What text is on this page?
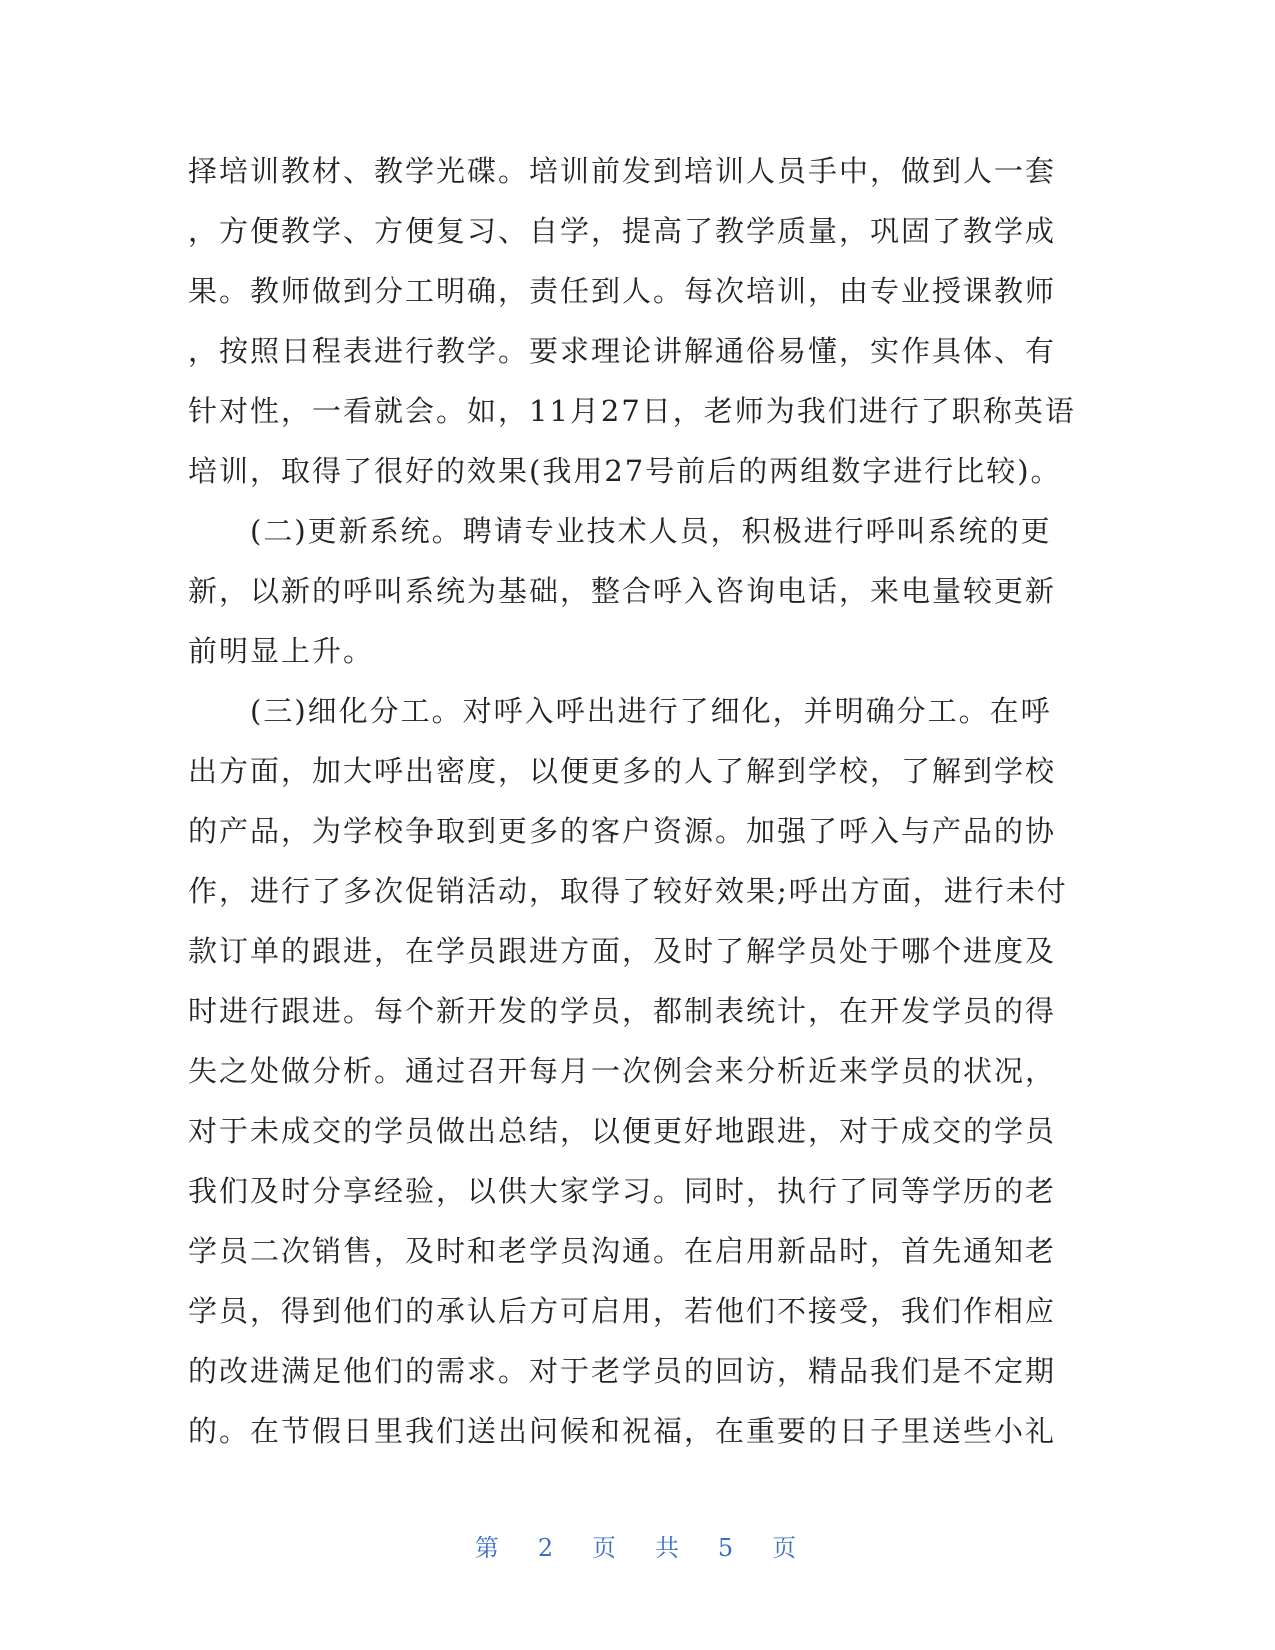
择培训教材、教学光碟。培训前发到培训人员手中，做到人一套
，方便教学、方便复习、自学，提高了教学质量，巩固了教学成
果。教师做到分工明确，责任到人。每次培训，由专业授课教师
，按照日程表进行教学。要求理论讲解通俗易懂，实作具体、有
针对性，一看就会。如，11月27日，老师为我们进行了职称英语
培训，取得了很好的效果(我用27号前后的两组数字进行比较)。
　　(二)更新系统。聘请专业技术人员，积极进行呼叫系统的更
新，以新的呼叫系统为基础，整合呼入咨询电话，来电量较更新
前明显上升。
　　(三)细化分工。对呼入呼出进行了细化，并明确分工。在呼
出方面，加大呼出密度，以便更多的人了解到学校，了解到学校
的产品，为学校争取到更多的客户资源。加强了呼入与产品的协
作，进行了多次促销活动，取得了较好效果;呼出方面，进行未付
款订单的跟进，在学员跟进方面，及时了解学员处于哪个进度及
时进行跟进。每个新开发的学员，都制表统计，在开发学员的得
失之处做分析。通过召开每月一次例会来分析近来学员的状况，
对于未成交的学员做出总结，以便更好地跟进，对于成交的学员
我们及时分享经验，以供大家学习。同时，执行了同等学历的老
学员二次销售，及时和老学员沟通。在启用新品时，首先通知老
学员，得到他们的承认后方可启用，若他们不接受，我们作相应
的改进满足他们的需求。对于老学员的回访，精品我们是不定期
的。在节假日里我们送出问候和祝福，在重要的日子里送些小礼
第 2 页 共 5 页
